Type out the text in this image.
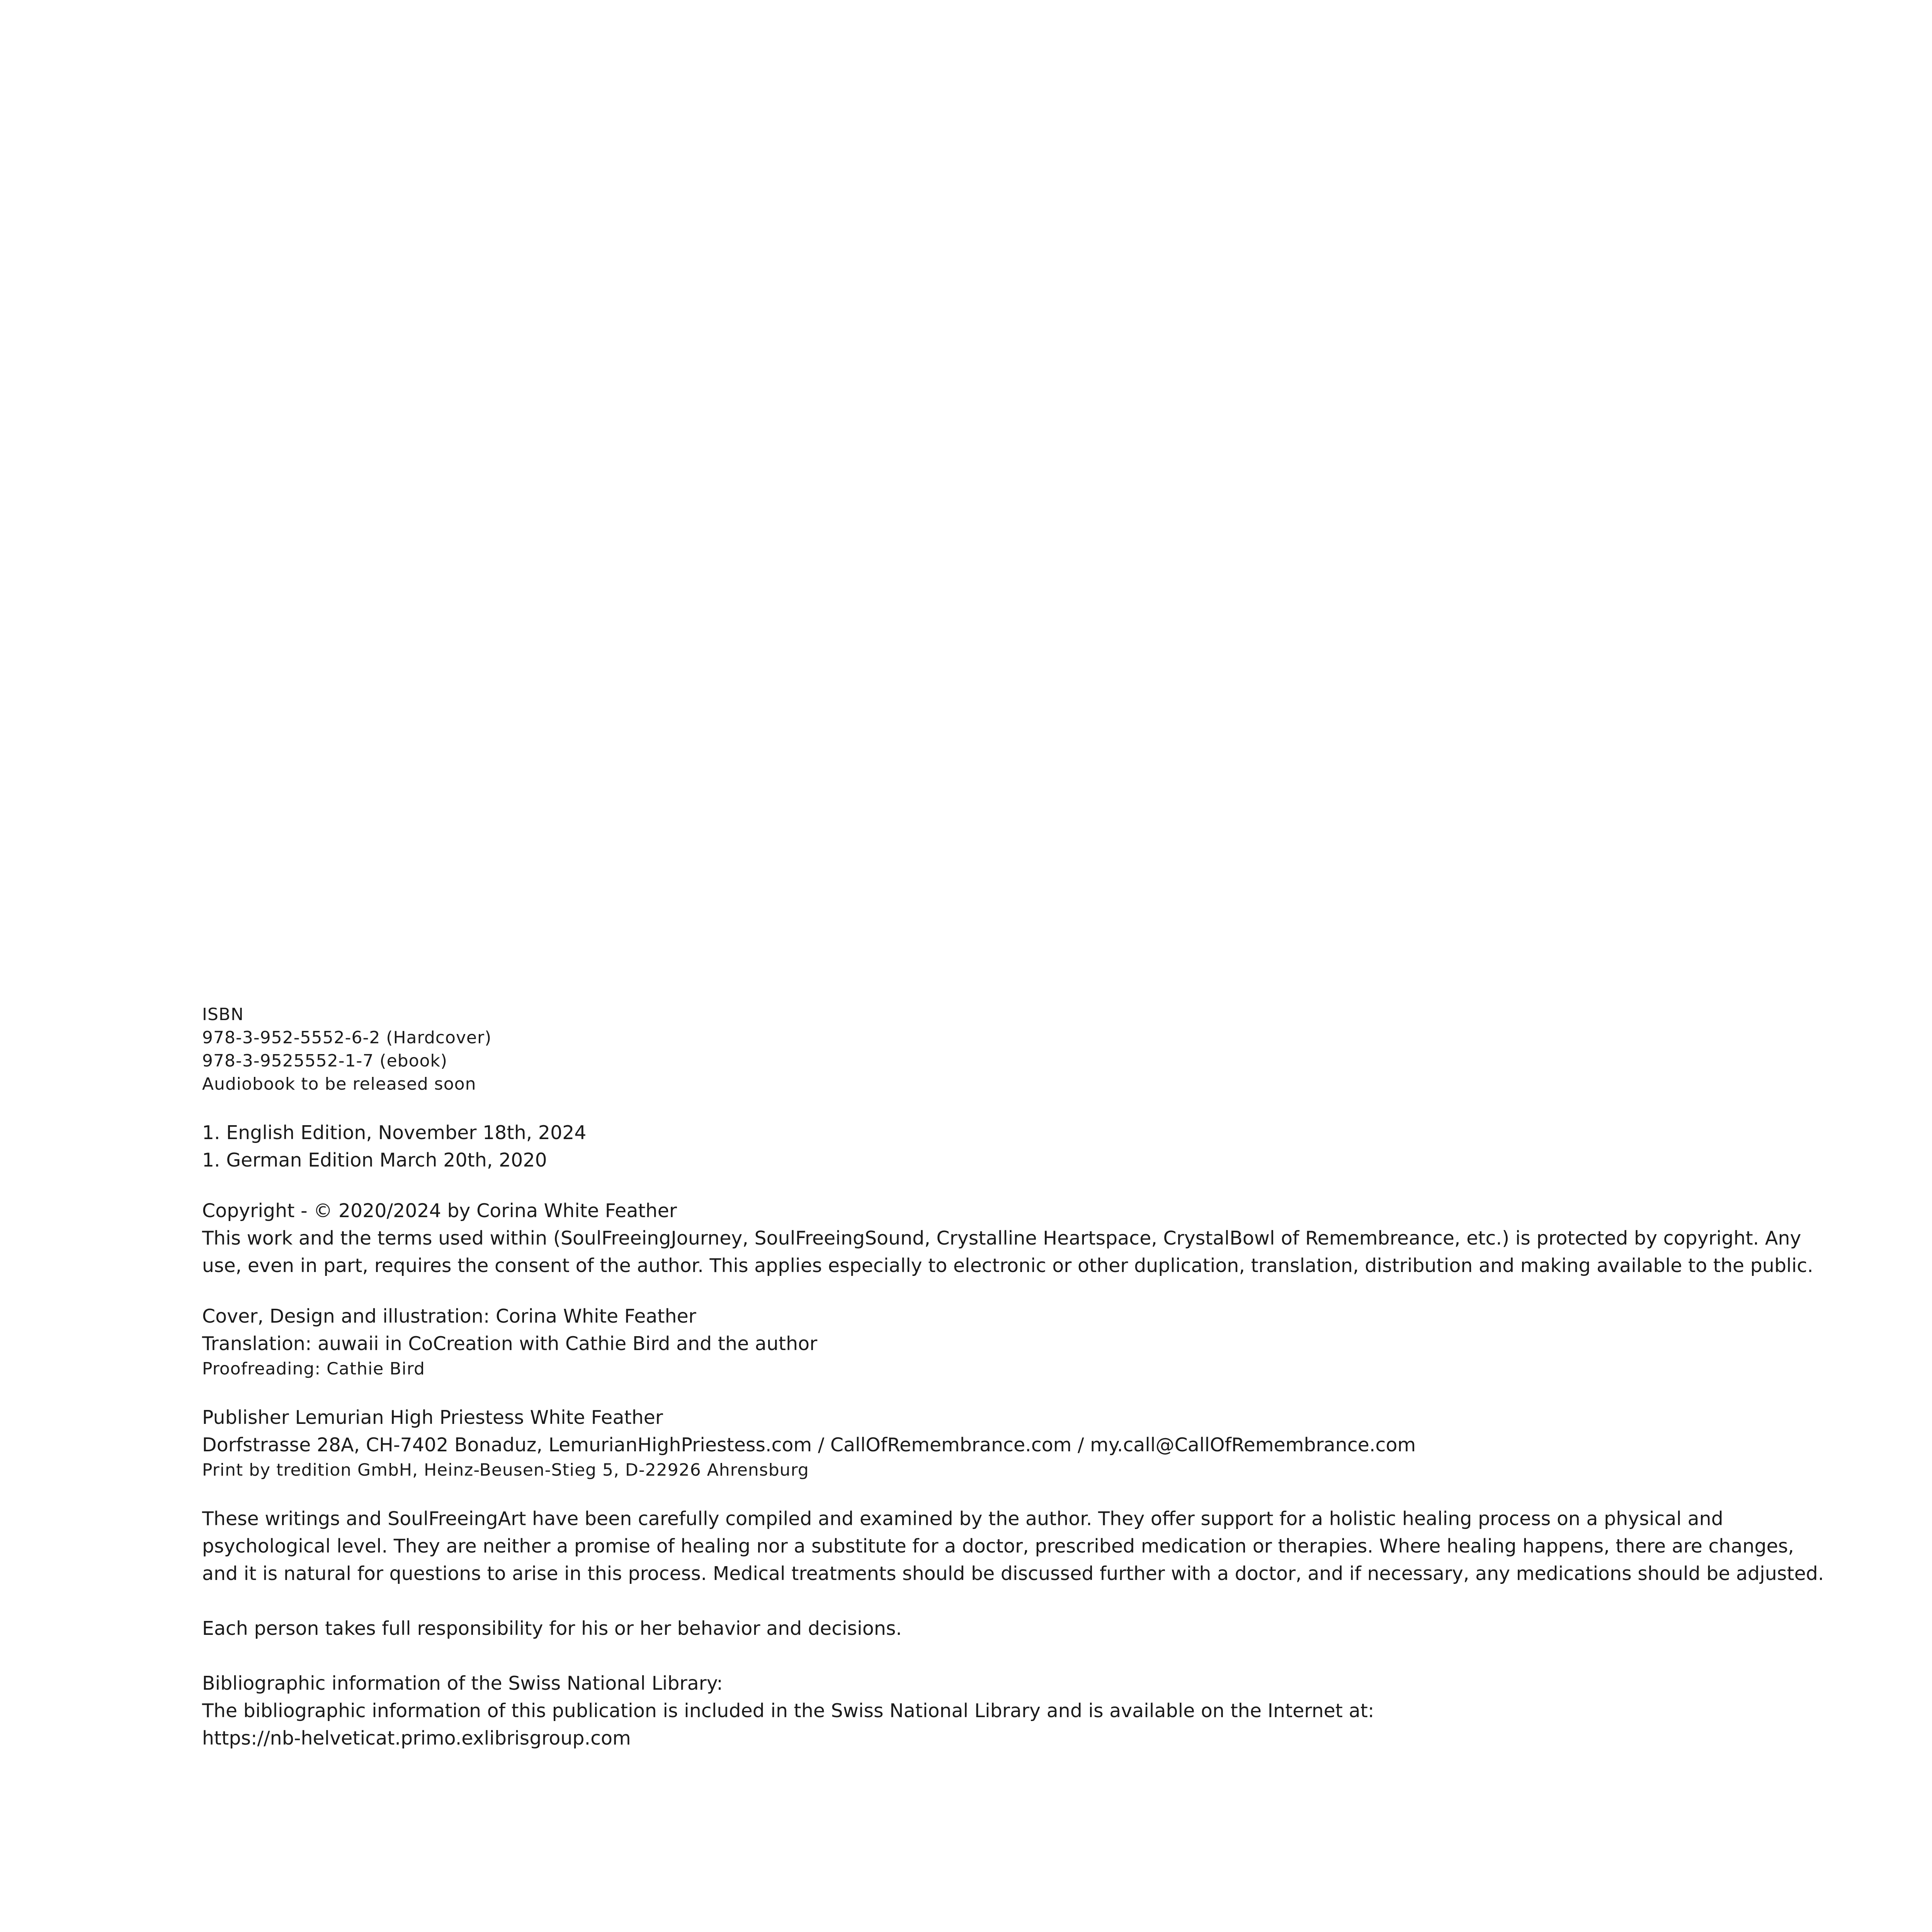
ISBN
978-3-952-5552-6-2 (Hardcover)
978-3-9525552-1-7 (ebook)
Audiobook to be released soon
1. English Edition, November 18th, 2024
1. German Edition March 20th, 2020
Copyright - © 2020/2024 by Corina White Feather
This work and the terms used within (SoulFreeingJourney, SoulFreeingSound, Crystalline Heartspace, CrystalBowl of Remembreance, etc.) is protected by copyright. Any use, even in part, requires the consent of the author. This applies especially to electronic or other duplication, translation, distribution and making available to the public.
Cover, Design and illustration: Corina White Feather
Translation: auwaii in CoCreation with Cathie Bird and the author
Proofreading: Cathie Bird
Publisher Lemurian High Priestess White Feather
Dorfstrasse 28A, CH-7402 Bonaduz, LemurianHighPriestess.com / CallOfRemembrance.com / my.call@CallOfRemembrance.com
Print by tredition GmbH, Heinz-Beusen-Stieg 5, D-22926 Ahrensburg
These writings and SoulFreeingArt have been carefully compiled and examined by the author. They offer support for a holistic healing process on a physical and psychological level. They are neither a promise of healing nor a substitute for a doctor, prescribed medication or therapies. Where healing happens, there are changes, and it is natural for questions to arise in this process. Medical treatments should be discussed further with a doctor, and if necessary, any medications should be adjusted.
Each person takes full responsibility for his or her behavior and decisions.
Bibliographic information of the Swiss National Library:
The bibliographic information of this publication is included in the Swiss National Library and is available on the Internet at:
https://nb-helveticat.primo.exlibrisgroup.com
